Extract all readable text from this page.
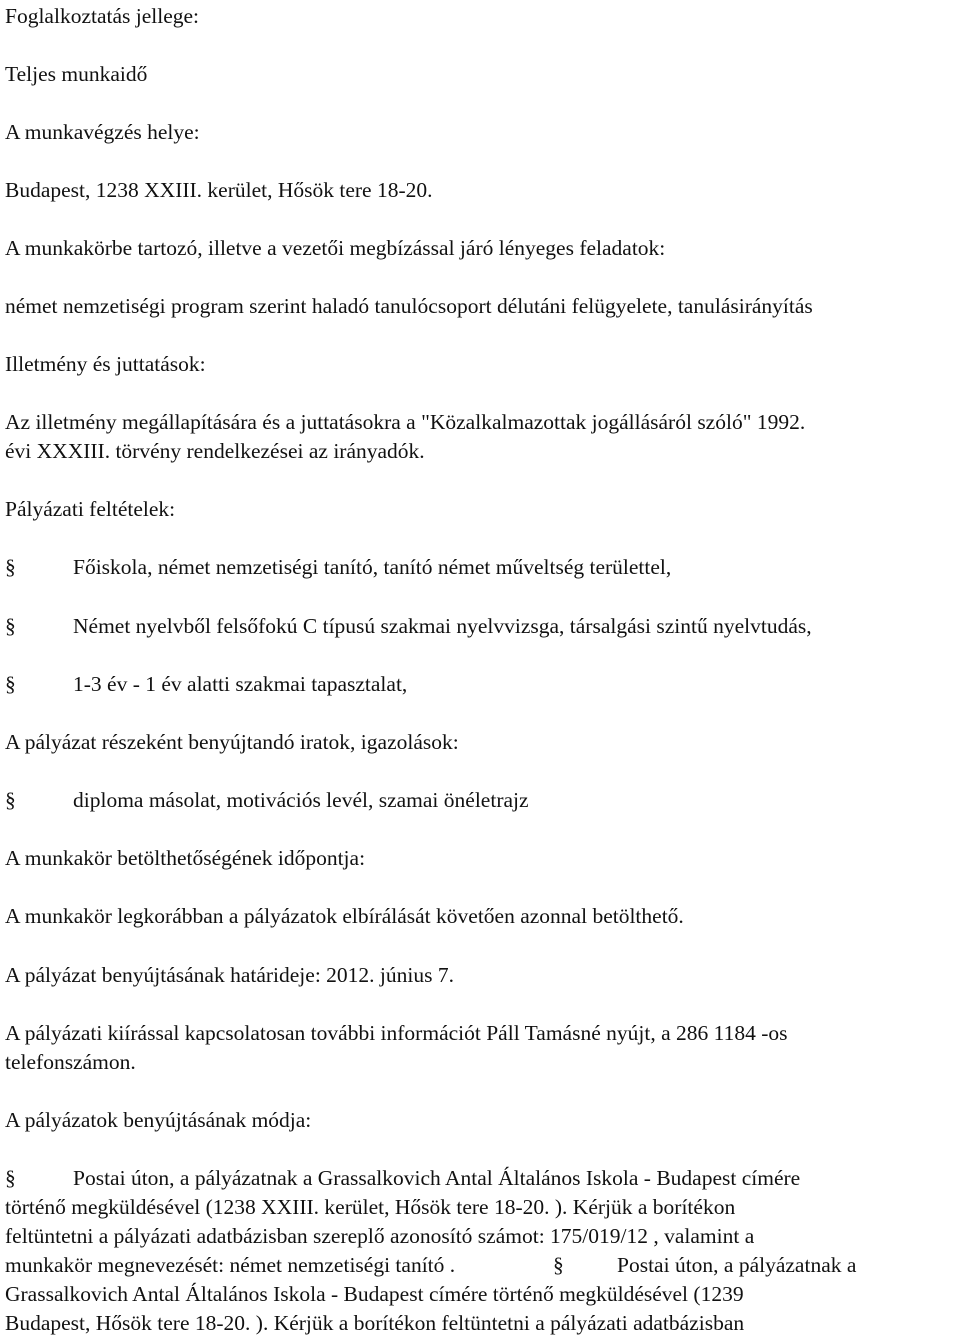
Foglalkoztatás jellege:

Teljes munkaidő

A munkavégzés helye:

Budapest, 1238 XXIII. kerület, Hősök tere 18-20.

A munkakörbe tartozó, illetve a vezetői megbízással járó lényeges feladatok:

német nemzetiségi program szerint haladó tanulócsoport délutáni felügyelete, tanulásirányítás

Illetmény és juttatások:

Az illetmény megállapítására és a juttatásokra a "Közalkalmazottak jogállásáról szóló" 1992.

évi XXXIII. törvény rendelkezései az irányadók.

Pályázati feltételek:

§	Főiskola, német nemzetiségi tanító, tanító német műveltség területtel,
§	Német nyelvből felsőfokú C típusú szakmai nyelvvizsga, társalgási szintű nyelvtudás,
§	1-3 év - 1 év alatti szakmai tapasztalat,

A pályázat részeként benyújtandó iratok, igazolások:

§	diploma másolat, motivációs levél, szamai önéletrajz

A munkakör betölthetőségének időpontja:

A munkakör legkorábban a pályázatok elbírálását követően azonnal betölthető.

A pályázat benyújtásának határideje: 2012. június 7.

A pályázati kiírással kapcsolatosan további információt Páll Tamásné nyújt, a 286 1184 -os

telefonszámon.

A pályázatok benyújtásának módja:

§	Postai úton, a pályázatnak a Grassalkovich Antal Általános Iskola - Budapest címére

történő megküldésével (1238 XXIII. kerület, Hősök tere 18-20. ). Kérjük a borítékon

feltüntetni a pályázati adatbázisban szereplő azonosító számot: 175/019/12 , valamint a

munkakör megnevezését: német nemzetiségi tanító .	§ Postai úton, a pályázatnak a

Grassalkovich Antal Általános Iskola - Budapest címére történő megküldésével (1239

Budapest, Hősök tere 18-20. ). Kérjük a borítékon feltüntetni a pályázati adatbázisban
